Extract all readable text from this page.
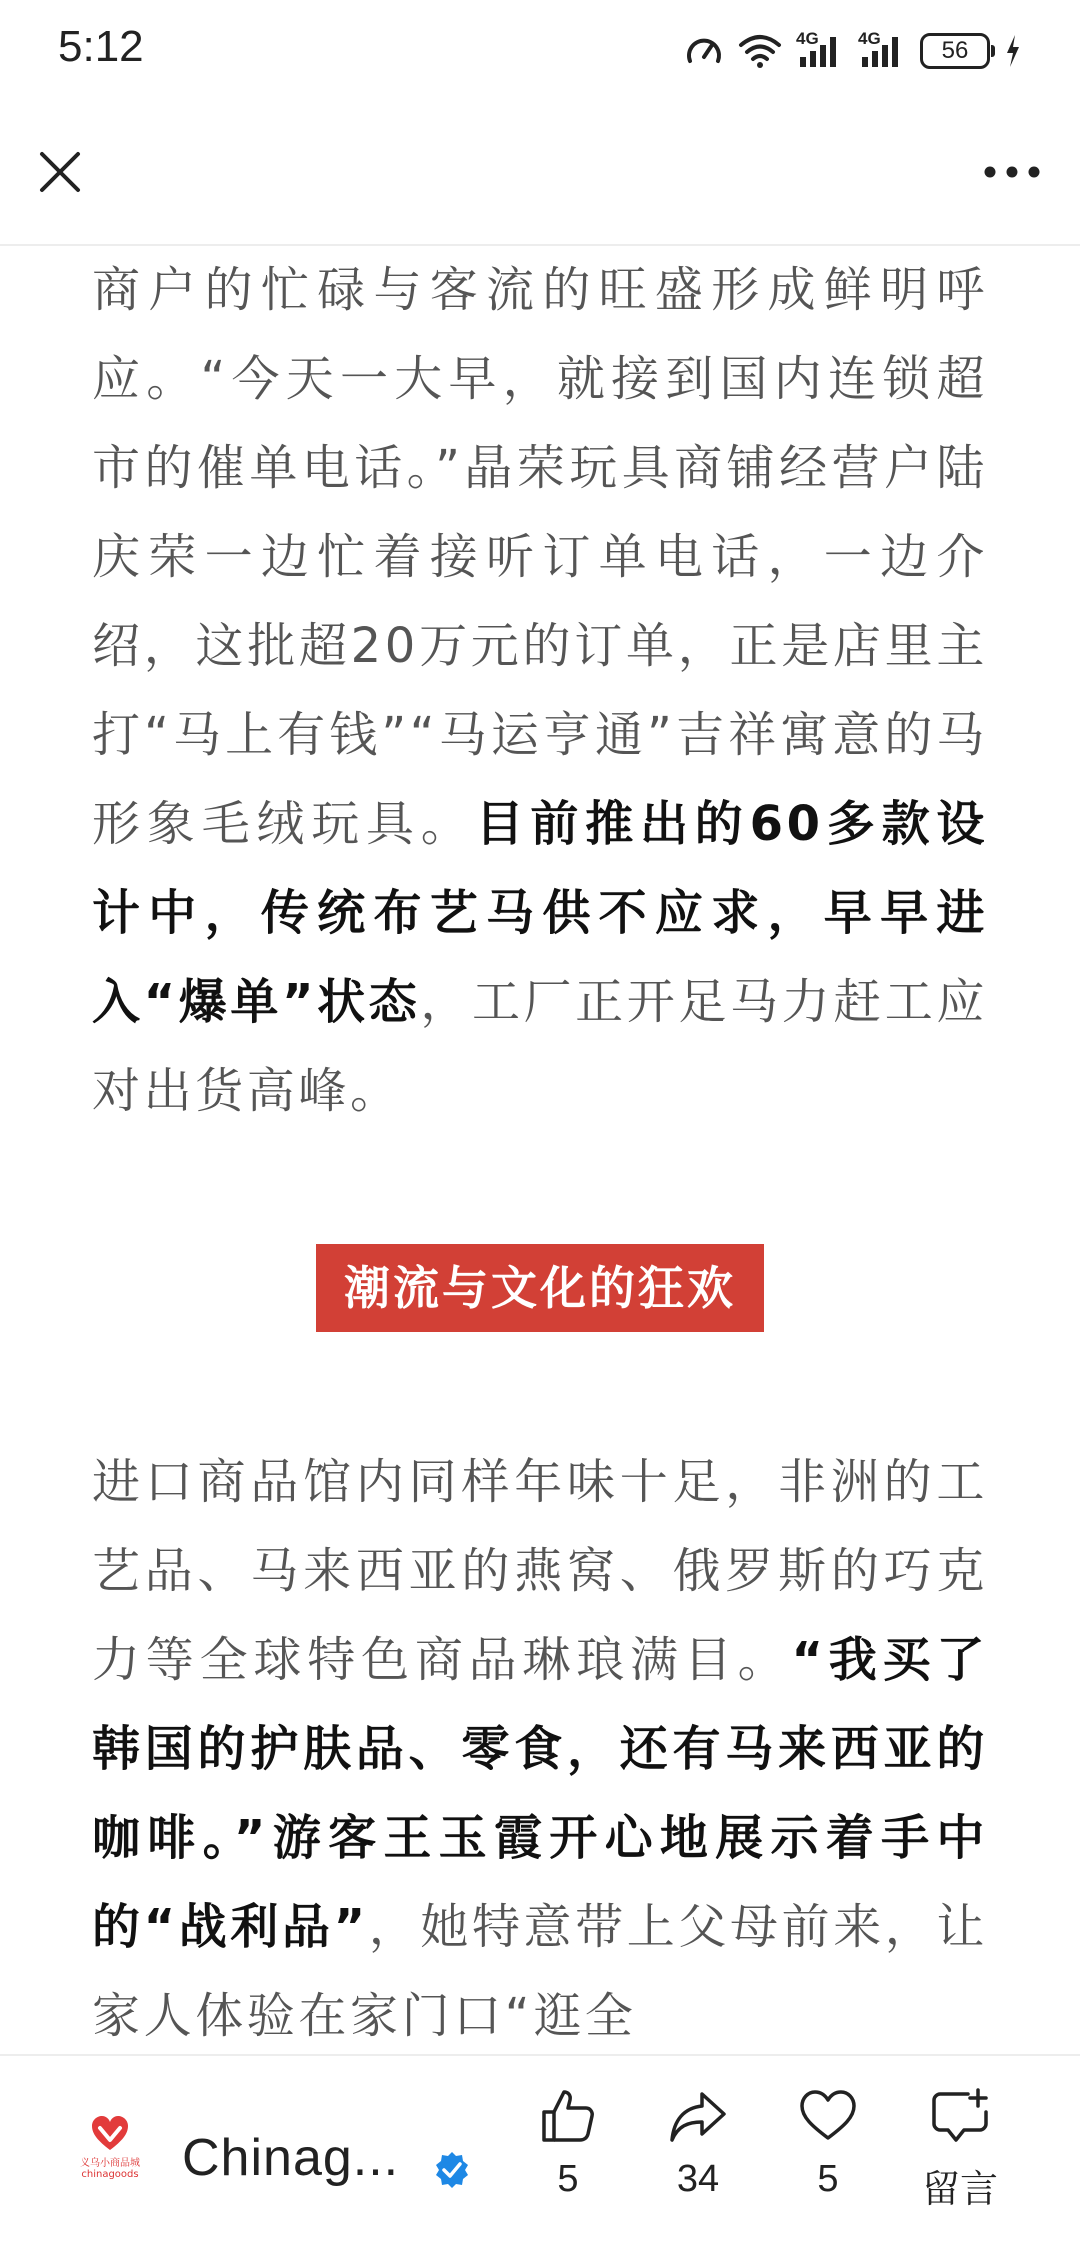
5:12	4G 4G	56

商户的忙碌与客流的旺盛形成鲜明呼应。“今天一大早，就接到国内连锁超市的催单电话。”晶荣玩具商铺经营户陆庆荣一边忙着接听订单电话，一边介绍，这批超20万元的订单，正是店里主打“马上有钱”“马运亨通”吉祥寓意的马形象毛绒玩具。目前推出的60多款设计中，传统布艺马供不应求，早早进入“爆单”状态，工厂正开足马力赶工应对出货高峰。

潮流与文化的狂欢

进口商品馆内同样年味十足，非洲的工艺品、马来西亚的燕窝、俄罗斯的巧克力等全球特色商品琳琅满目。“我买了韩国的护肤品、零食，还有马来西亚的咖啡。”游客王玉霞开心地展示着手中的“战利品”，她特意带上父母前来，让家人体验在家门口“逛全

义乌小商品城
chinagoods Chinag...	5	34	5 留言
